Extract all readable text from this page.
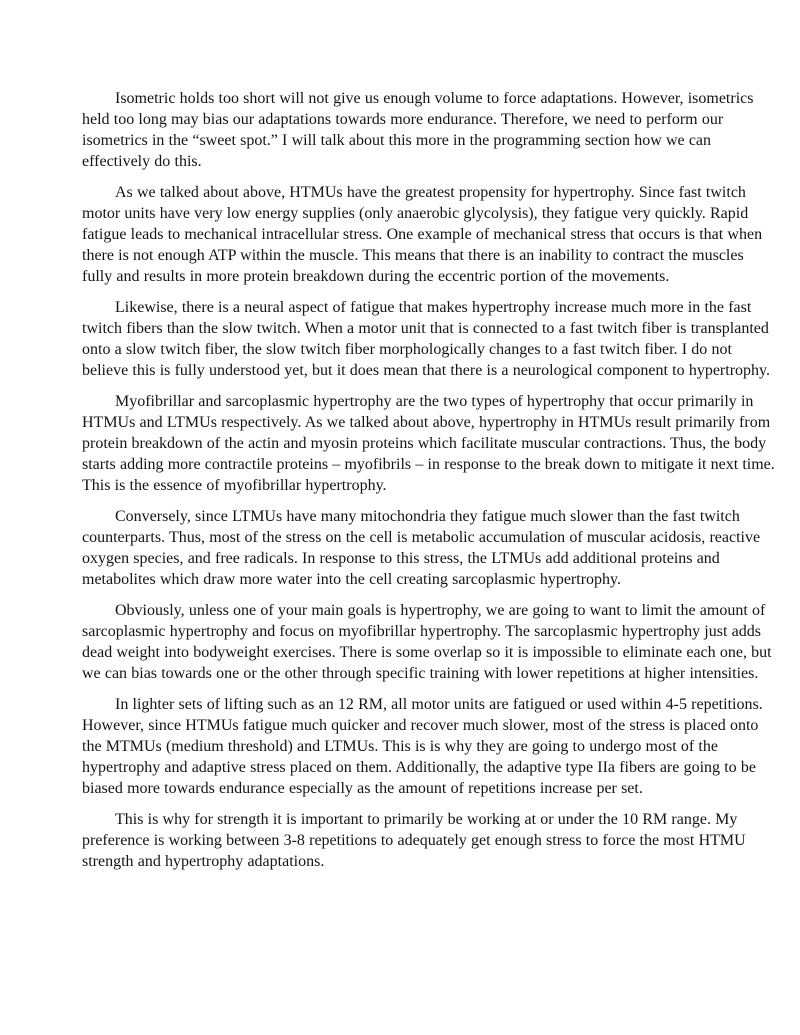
Isometric holds too short will not give us enough volume to force adaptations. However, isometrics held too long may bias our adaptations towards more endurance. Therefore, we need to perform our isometrics in the “sweet spot.” I will talk about this more in the programming section how we can effectively do this.

As we talked about above, HTMUs have the greatest propensity for hypertrophy. Since fast twitch motor units have very low energy supplies (only anaerobic glycolysis), they fatigue very quickly. Rapid fatigue leads to mechanical intracellular stress. One example of mechanical stress that occurs is that when there is not enough ATP within the muscle. This means that there is an inability to contract the muscles fully and results in more protein breakdown during the eccentric portion of the movements.

Likewise, there is a neural aspect of fatigue that makes hypertrophy increase much more in the fast twitch fibers than the slow twitch. When a motor unit that is connected to a fast twitch fiber is transplanted onto a slow twitch fiber, the slow twitch fiber morphologically changes to a fast twitch fiber. I do not believe this is fully understood yet, but it does mean that there is a neurological component to hypertrophy.

Myofibrillar and sarcoplasmic hypertrophy are the two types of hypertrophy that occur primarily in HTMUs and LTMUs respectively. As we talked about above, hypertrophy in HTMUs result primarily from protein breakdown of the actin and myosin proteins which facilitate muscular contractions. Thus, the body starts adding more contractile proteins – myofibrils – in response to the break down to mitigate it next time. This is the essence of myofibrillar hypertrophy.

Conversely, since LTMUs have many mitochondria they fatigue much slower than the fast twitch counterparts. Thus, most of the stress on the cell is metabolic accumulation of muscular acidosis, reactive oxygen species, and free radicals. In response to this stress, the LTMUs add additional proteins and metabolites which draw more water into the cell creating sarcoplasmic hypertrophy.

Obviously, unless one of your main goals is hypertrophy, we are going to want to limit the amount of sarcoplasmic hypertrophy and focus on myofibrillar hypertrophy. The sarcoplasmic hypertrophy just adds dead weight into bodyweight exercises. There is some overlap so it is impossible to eliminate each one, but we can bias towards one or the other through specific training with lower repetitions at higher intensities.

In lighter sets of lifting such as an 12 RM, all motor units are fatigued or used within 4-5 repetitions. However, since HTMUs fatigue much quicker and recover much slower, most of the stress is placed onto the MTMUs (medium threshold) and LTMUs. This is is why they are going to undergo most of the hypertrophy and adaptive stress placed on them. Additionally, the adaptive type IIa fibers are going to be biased more towards endurance especially as the amount of repetitions increase per set.

This is why for strength it is important to primarily be working at or under the 10 RM range. My preference is working between 3-8 repetitions to adequately get enough stress to force the most HTMU strength and hypertrophy adaptations.
